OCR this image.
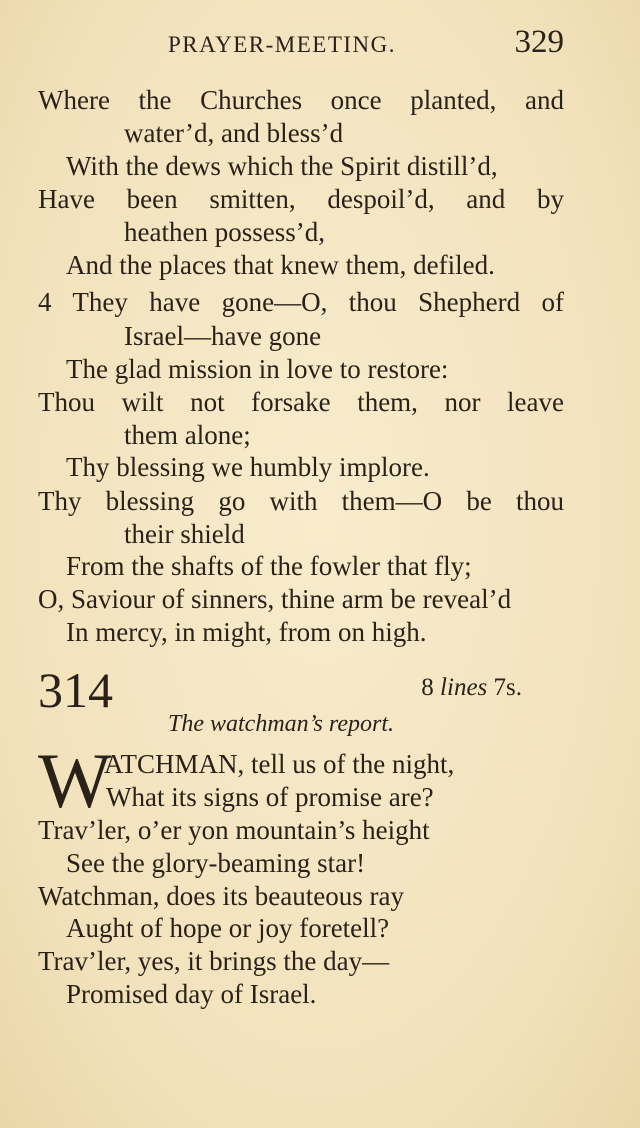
PRAYER-MEETING.	329
Where the Churches once planted, and
water’d, and bless’d
With the dews which the Spirit distill’d,
Have been smitten, despoil’d, and by
heathen possess’d,
And the places that knew them, defiled.
4 They have gone—O, thou Shepherd of
Israel—have gone
The glad mission in love to restore:
Thou wilt not forsake them, nor leave
them alone;
Thy blessing we humbly implore.
Thy blessing go with them—O be thou
their shield
From the shafts of the fowler that fly;
O, Saviour of sinners, thine arm be reveal’d
In mercy, in might, from on high.
314	8 lines 7s.
The watchman’s report.
W
ATCHMAN, tell us of the night,
What its signs of promise are?
Trav’ler, o’er yon mountain’s height
See the glory-beaming star!
Watchman, does its beauteous ray
Aught of hope or joy foretell?
Trav’ler, yes, it brings the day—
Promised day of Israel.
